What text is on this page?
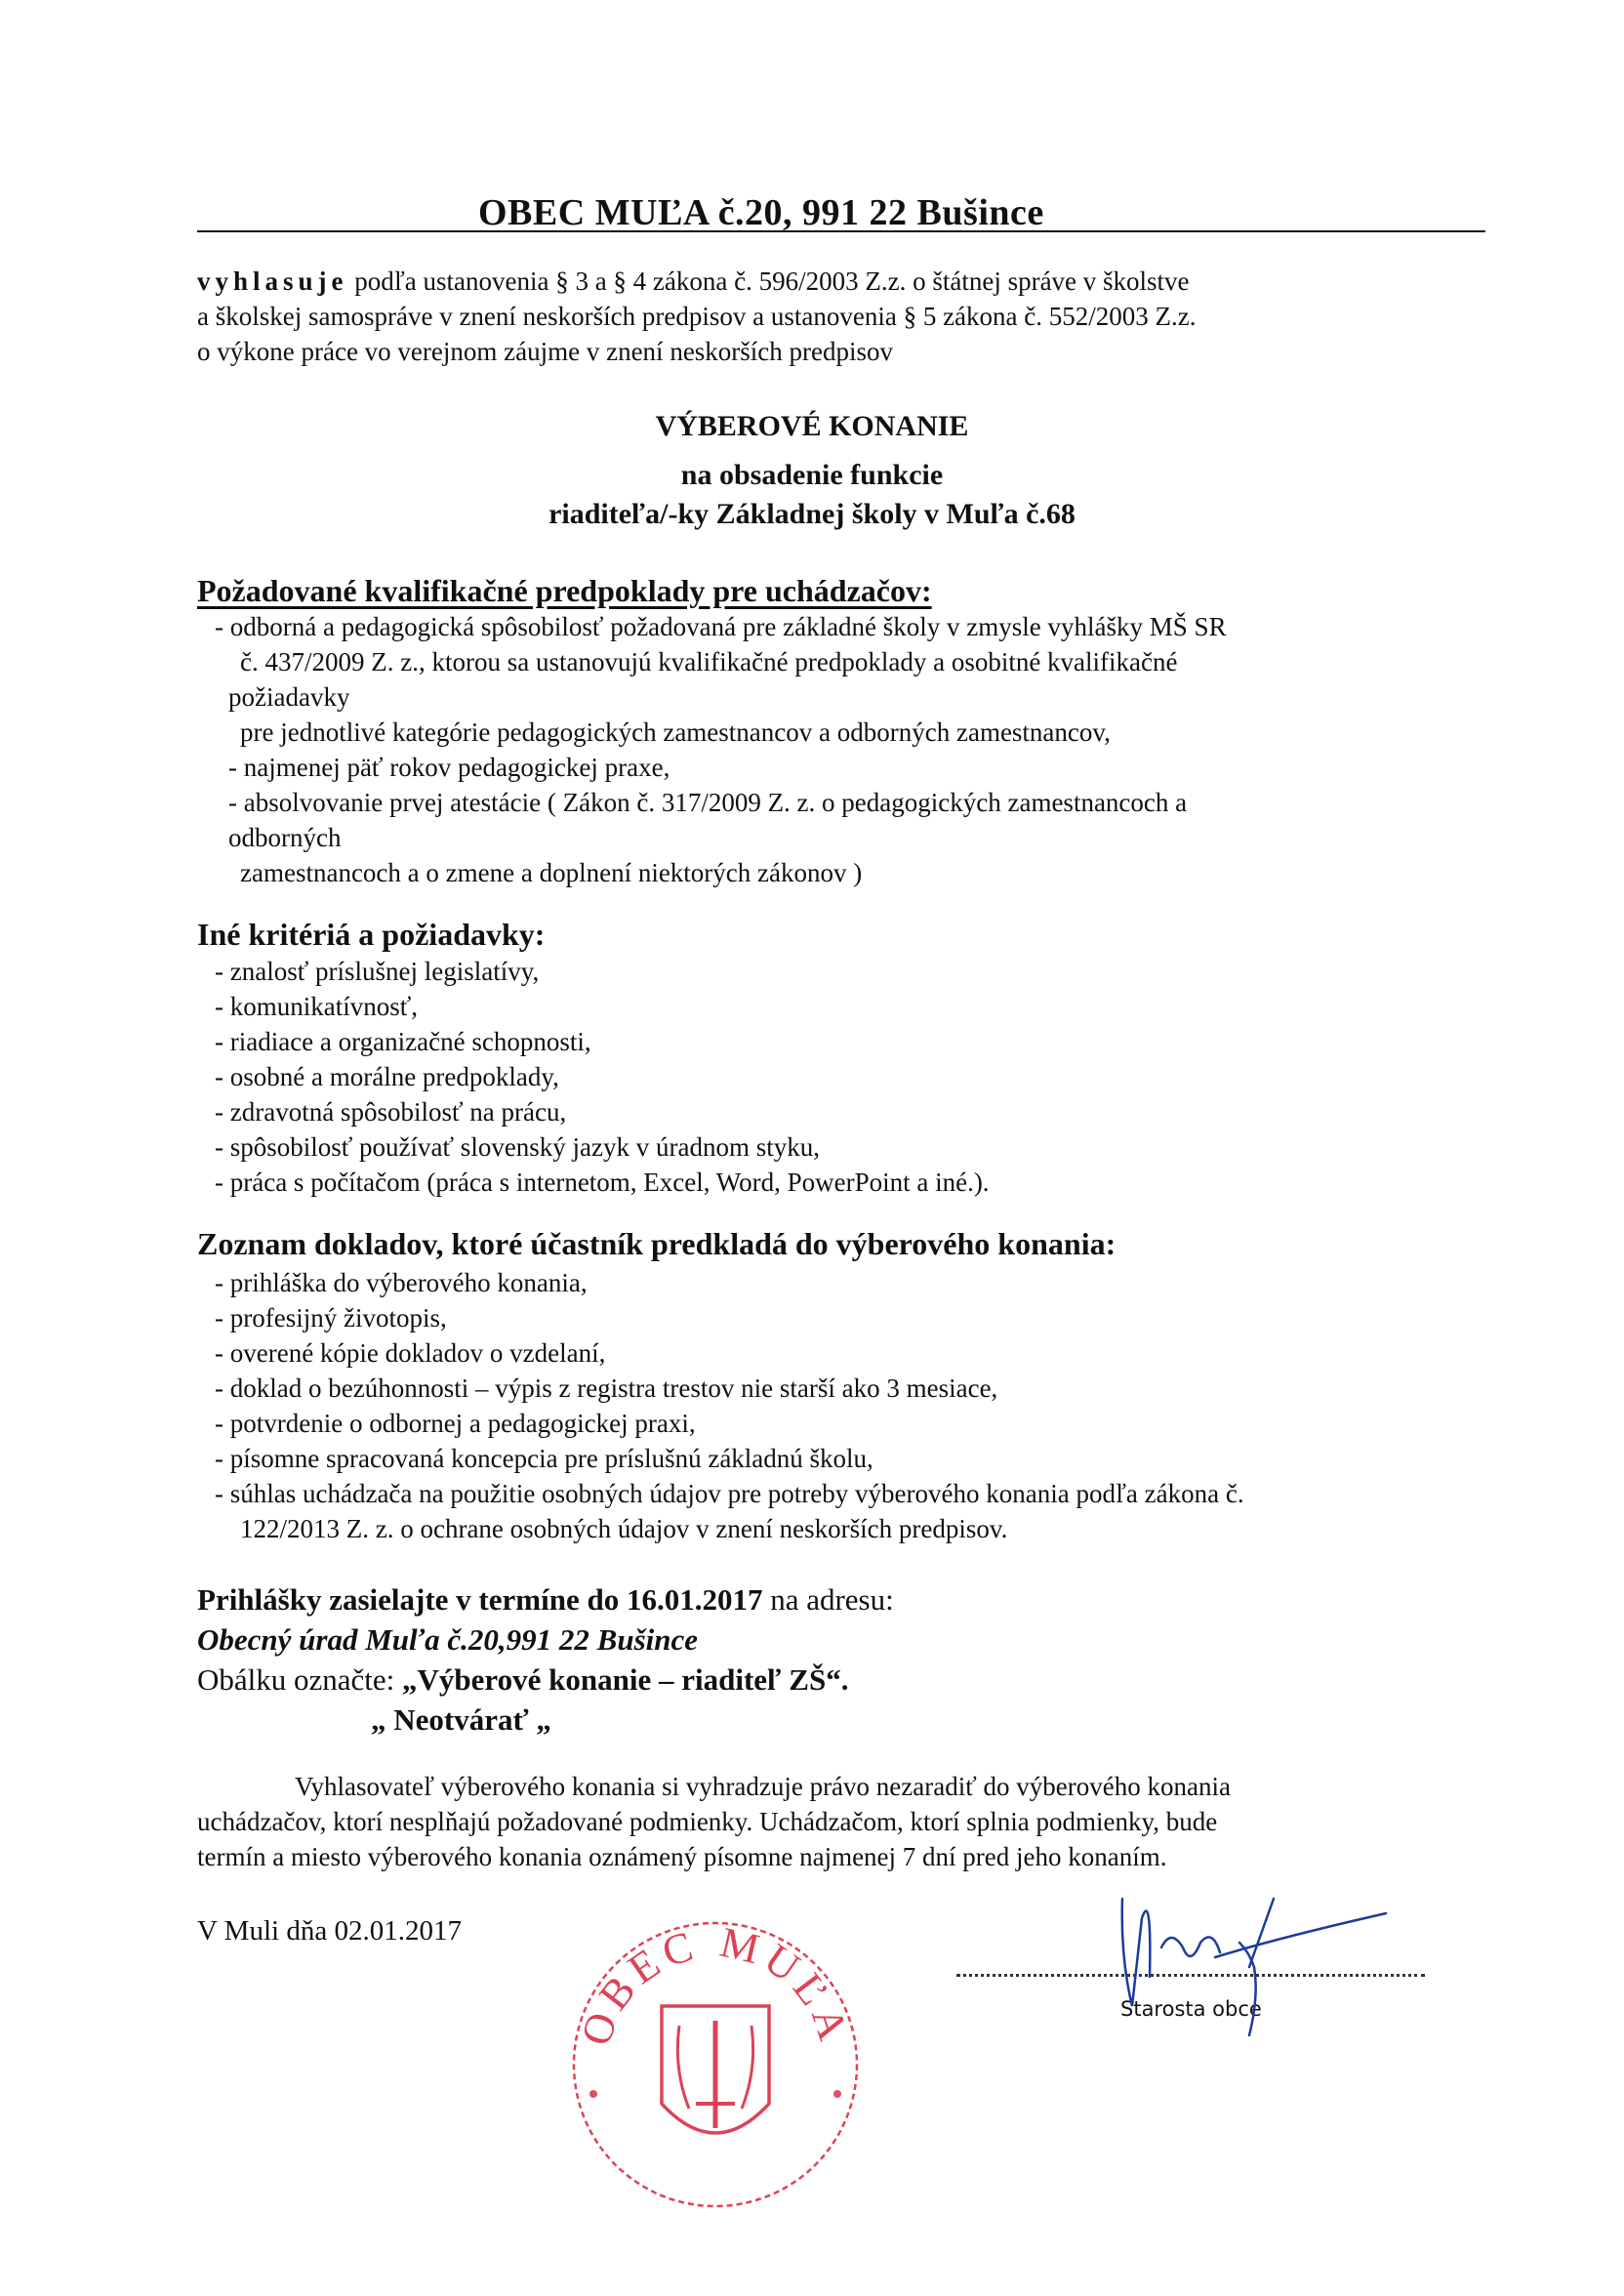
OBEC MUĽA č.20, 991 22 Bušince
vyhlasuje podľa ustanovenia § 3 a § 4 zákona č. 596/2003 Z.z. o štátnej správe v školstve
a školskej samospráve v znení neskorších predpisov a ustanovenia § 5 zákona č. 552/2003 Z.z.
o výkone práce vo verejnom záujme v znení neskorších predpisov
VÝBEROVÉ KONANIE
na obsadenie funkcie
riaditeľa/-ky Základnej školy v Muľa č.68
Požadované kvalifikačné predpoklady pre uchádzačov:
- odborná a pedagogická spôsobilosť požadovaná pre základné školy v zmysle vyhlášky MŠ SR
č. 437/2009 Z. z., ktorou sa ustanovujú kvalifikačné predpoklady a osobitné kvalifikačné
požiadavky
pre jednotlivé kategórie pedagogických zamestnancov a odborných zamestnancov,
- najmenej päť rokov pedagogickej praxe,
- absolvovanie prvej atestácie ( Zákon č. 317/2009 Z. z. o pedagogických zamestnancoch a
odborných
zamestnancoch a o zmene a doplnení niektorých zákonov )
Iné kritériá a požiadavky:
- znalosť príslušnej legislatívy,
- komunikatívnosť,
- riadiace a organizačné schopnosti,
- osobné a morálne predpoklady,
- zdravotná spôsobilosť na prácu,
- spôsobilosť používať slovenský jazyk v úradnom styku,
- práca s počítačom (práca s internetom, Excel, Word, PowerPoint a iné.).
Zoznam dokladov, ktoré účastník predkladá do výberového konania:
- prihláška do výberového konania,
- profesijný životopis,
- overené kópie dokladov o vzdelaní,
- doklad o bezúhonnosti – výpis z registra trestov nie starší ako 3 mesiace,
- potvrdenie o odbornej a pedagogickej praxi,
- písomne spracovaná koncepcia pre príslušnú základnú školu,
- súhlas uchádzača na použitie osobných údajov pre potreby výberového konania podľa zákona č.
122/2013 Z. z. o ochrane osobných údajov v znení neskorších predpisov.
Prihlášky zasielajte v termíne do 16.01.2017 na adresu:
Obecný úrad Muľa č.20,991 22 Bušince
Obálku označte: „Výberové konanie – riaditeľ ZŠ“.
„ Neotvárať „
Vyhlasovateľ výberového konania si vyhradzuje právo nezaradiť do výberového konania
uchádzačov, ktorí nesplňajú požadované podmienky. Uchádzačom, ktorí splnia podmienky, bude
termín a miesto výberového konania oznámený písomne najmenej 7 dní pred jeho konaním.
V Muli dňa 02.01.2017
Starosta obce
OBEC MUĽA
